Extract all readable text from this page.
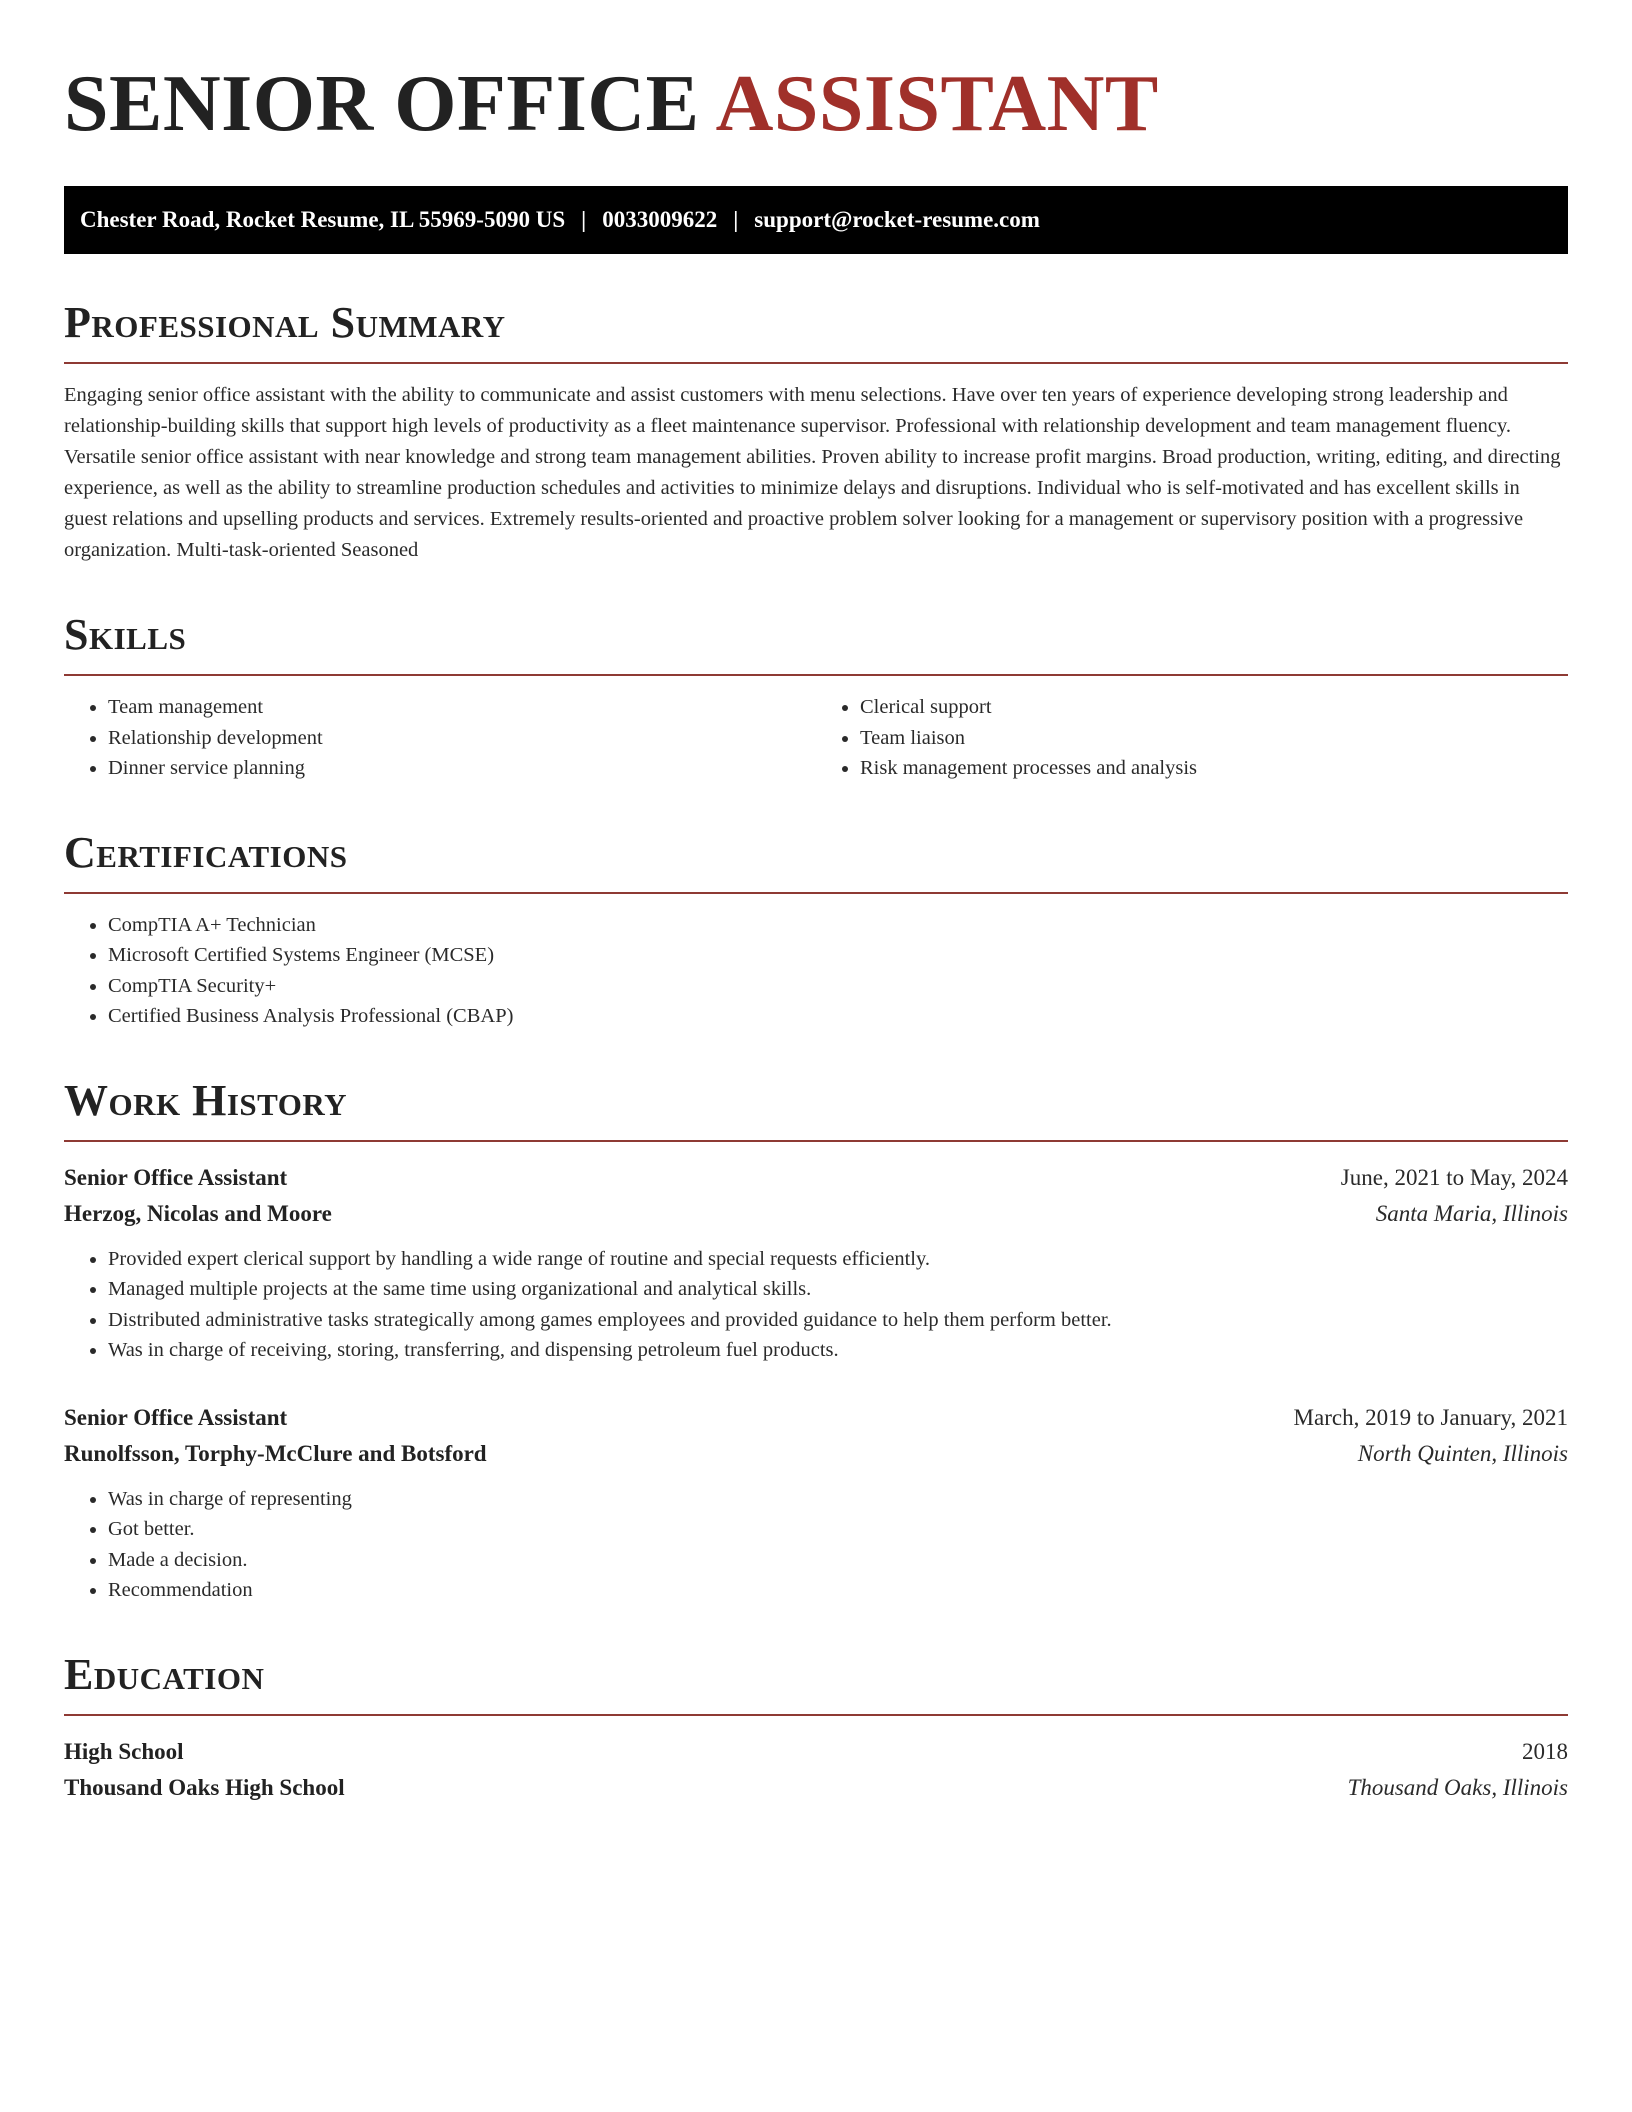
SENIOR OFFICE ASSISTANT
Chester Road, Rocket Resume, IL 55969-5090 US | 0033009622 | support@rocket-resume.com
Professional Summary

Engaging senior office assistant with the ability to communicate and assist customers with menu selections. Have over ten years of experience developing strong leadership and relationship-building skills that support high levels of productivity as a fleet maintenance supervisor. Professional with relationship development and team management fluency. Versatile senior office assistant with near knowledge and strong team management abilities. Proven ability to increase profit margins. Broad production, writing, editing, and directing experience, as well as the ability to streamline production schedules and activities to minimize delays and disruptions. Individual who is self-motivated and has excellent skills in guest relations and upselling products and services. Extremely results-oriented and proactive problem solver looking for a management or supervisory position with a progressive organization. Multi-task-oriented Seasoned

Skills
• Team management
• Relationship development
• Dinner service planning
• Clerical support
• Team liaison
• Risk management processes and analysis
Certifications
• CompTIA A+ Technician
• Microsoft Certified Systems Engineer (MCSE)
• CompTIA Security+
• Certified Business Analysis Professional (CBAP)
Work History
Senior Office Assistant	June, 2021 to May, 2024
Herzog, Nicolas and Moore	Santa Maria, Illinois
• Provided expert clerical support by handling a wide range of routine and special requests efficiently.
• Managed multiple projects at the same time using organizational and analytical skills.
• Distributed administrative tasks strategically among games employees and provided guidance to help them perform better.
• Was in charge of receiving, storing, transferring, and dispensing petroleum fuel products.
Senior Office Assistant	March, 2019 to January, 2021
Runolfsson, Torphy-McClure and Botsford	North Quinten, Illinois
• Was in charge of representing
• Got better.
• Made a decision.
• Recommendation
Education
High School	2018
Thousand Oaks High School	Thousand Oaks, Illinois
